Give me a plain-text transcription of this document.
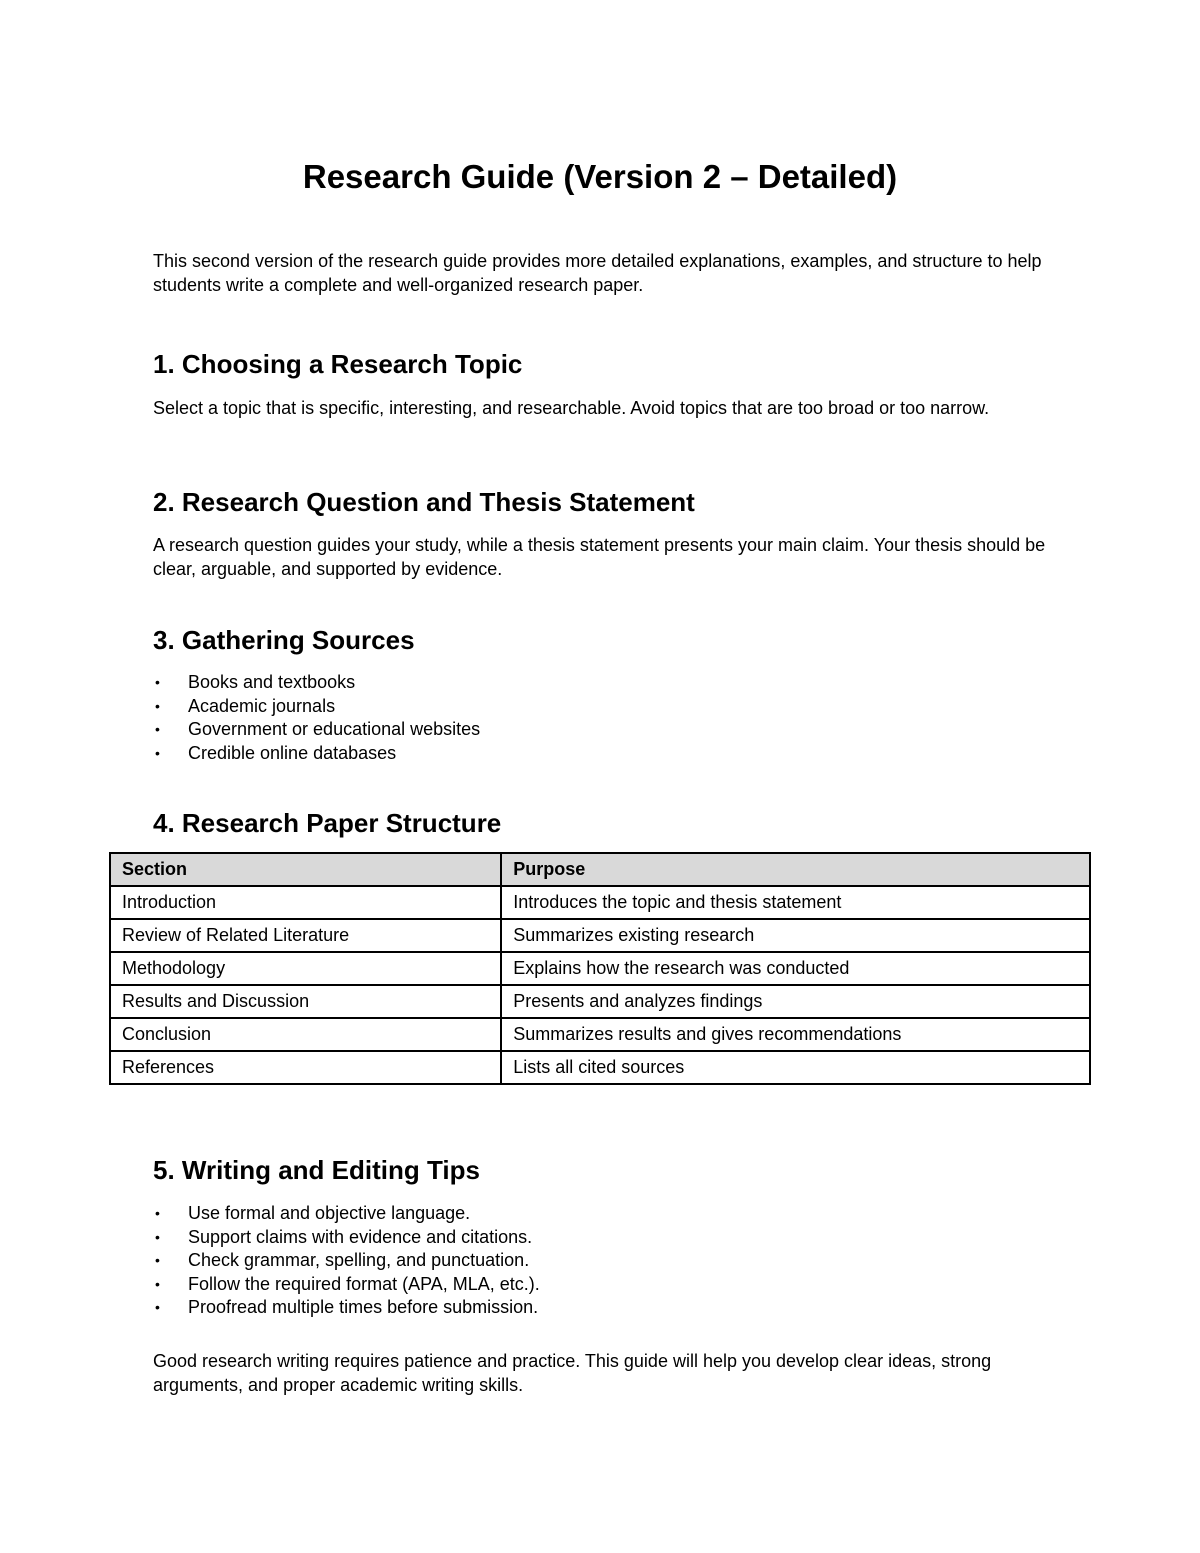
Research Guide (Version 2 – Detailed)

This second version of the research guide provides more detailed explanations, examples, and structure to help students write a complete and well-organized research paper.

1. Choosing a Research Topic

Select a topic that is specific, interesting, and researchable. Avoid topics that are too broad or too narrow.

2. Research Question and Thesis Statement

A research question guides your study, while a thesis statement presents your main claim. Your thesis should be clear, arguable, and supported by evidence.

3. Gathering Sources
• Books and textbooks
• Academic journals
• Government or educational websites
• Credible online databases
4. Research Paper Structure
Section	Purpose
Introduction	Introduces the topic and thesis statement
Review of Related Literature	Summarizes existing research
Methodology	Explains how the research was conducted
Results and Discussion	Presents and analyzes findings
Conclusion	Summarizes results and gives recommendations
References	Lists all cited sources
5. Writing and Editing Tips
• Use formal and objective language.
• Support claims with evidence and citations.
• Check grammar, spelling, and punctuation.
• Follow the required format (APA, MLA, etc.).
• Proofread multiple times before submission.

Good research writing requires patience and practice. This guide will help you develop clear ideas, strong arguments, and proper academic writing skills.
